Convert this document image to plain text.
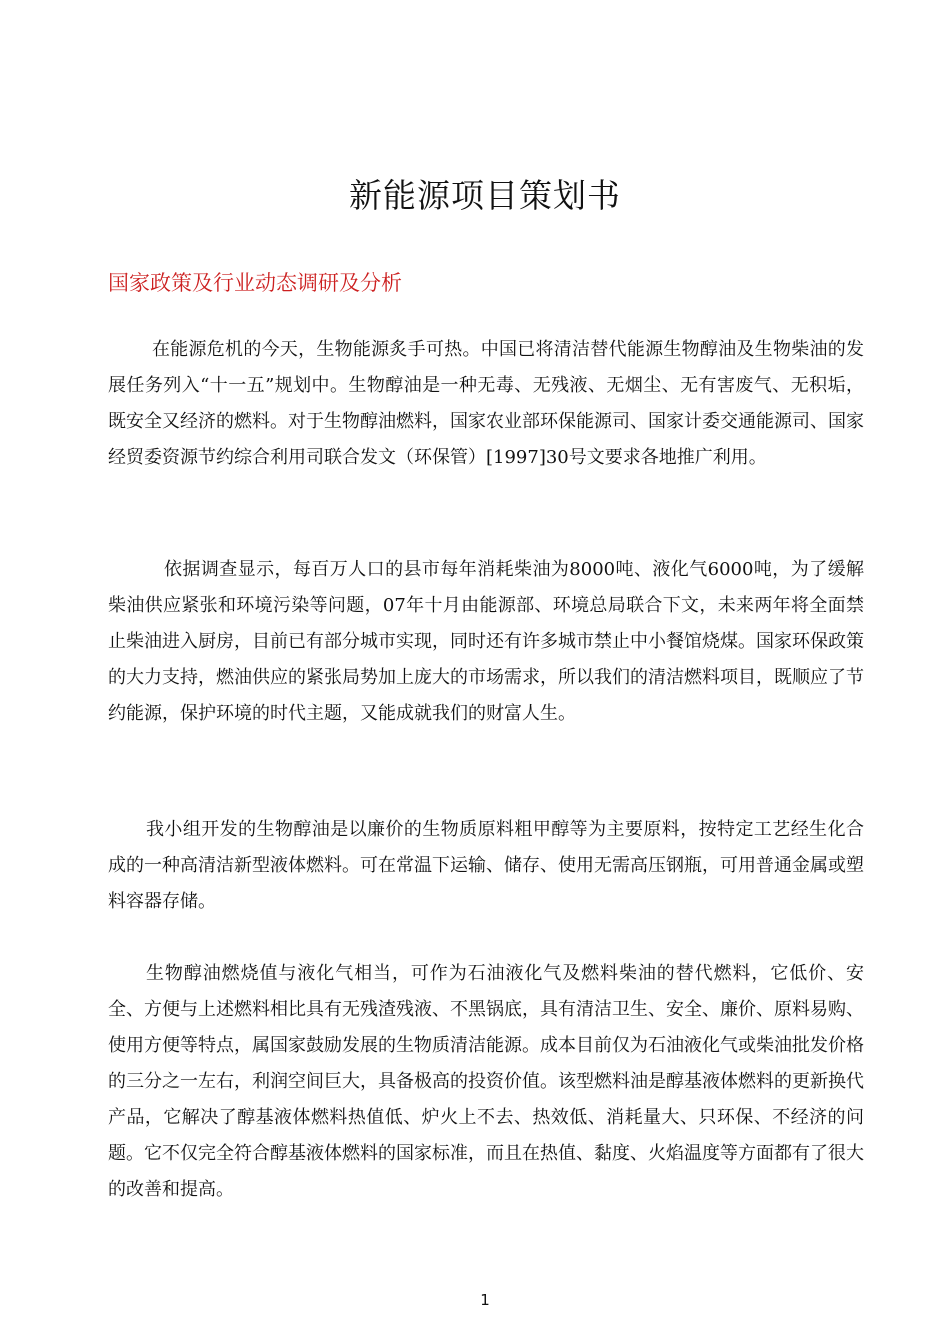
新能源项目策划书
国家政策及行业动态调研及分析

在能源危机的今天，生物能源炙手可热。中国已将清洁替代能源生物醇油及生物柴油的发展任务列入“十一五”规划中。生物醇油是一种无毒、无残液、无烟尘、无有害废气、无积垢，既安全又经济的燃料。对于生物醇油燃料，国家农业部环保能源司、国家计委交通能源司、国家经贸委资源节约综合利用司联合发文（环保管）[1997]30号文要求各地推广利用。

依据调查显示，每百万人口的县市每年消耗柴油为8000吨、液化气6000吨，为了缓解柴油供应紧张和环境污染等问题，07年十月由能源部、环境总局联合下文，未来两年将全面禁止柴油进入厨房，目前已有部分城市实现，同时还有许多城市禁止中小餐馆烧煤。国家环保政策的大力支持，燃油供应的紧张局势加上庞大的市场需求，所以我们的清洁燃料项目，既顺应了节约能源，保护环境的时代主题，又能成就我们的财富人生。

我小组开发的生物醇油是以廉价的生物质原料粗甲醇等为主要原料，按特定工艺经生化合成的一种高清洁新型液体燃料。可在常温下运输、储存、使用无需高压钢瓶，可用普通金属或塑料容器存储。

生物醇油燃烧值与液化气相当，可作为石油液化气及燃料柴油的替代燃料，它低价、安全、方便与上述燃料相比具有无残渣残液、不黑锅底，具有清洁卫生、安全、廉价、原料易购、使用方便等特点，属国家鼓励发展的生物质清洁能源。成本目前仅为石油液化气或柴油批发价格的三分之一左右，利润空间巨大，具备极高的投资价值。该型燃料油是醇基液体燃料的更新换代产品，它解决了醇基液体燃料热值低、炉火上不去、热效低、消耗量大、只环保、不经济的问题。它不仅完全符合醇基液体燃料的国家标准，而且在热值、黏度、火焰温度等方面都有了很大的改善和提高。

1
